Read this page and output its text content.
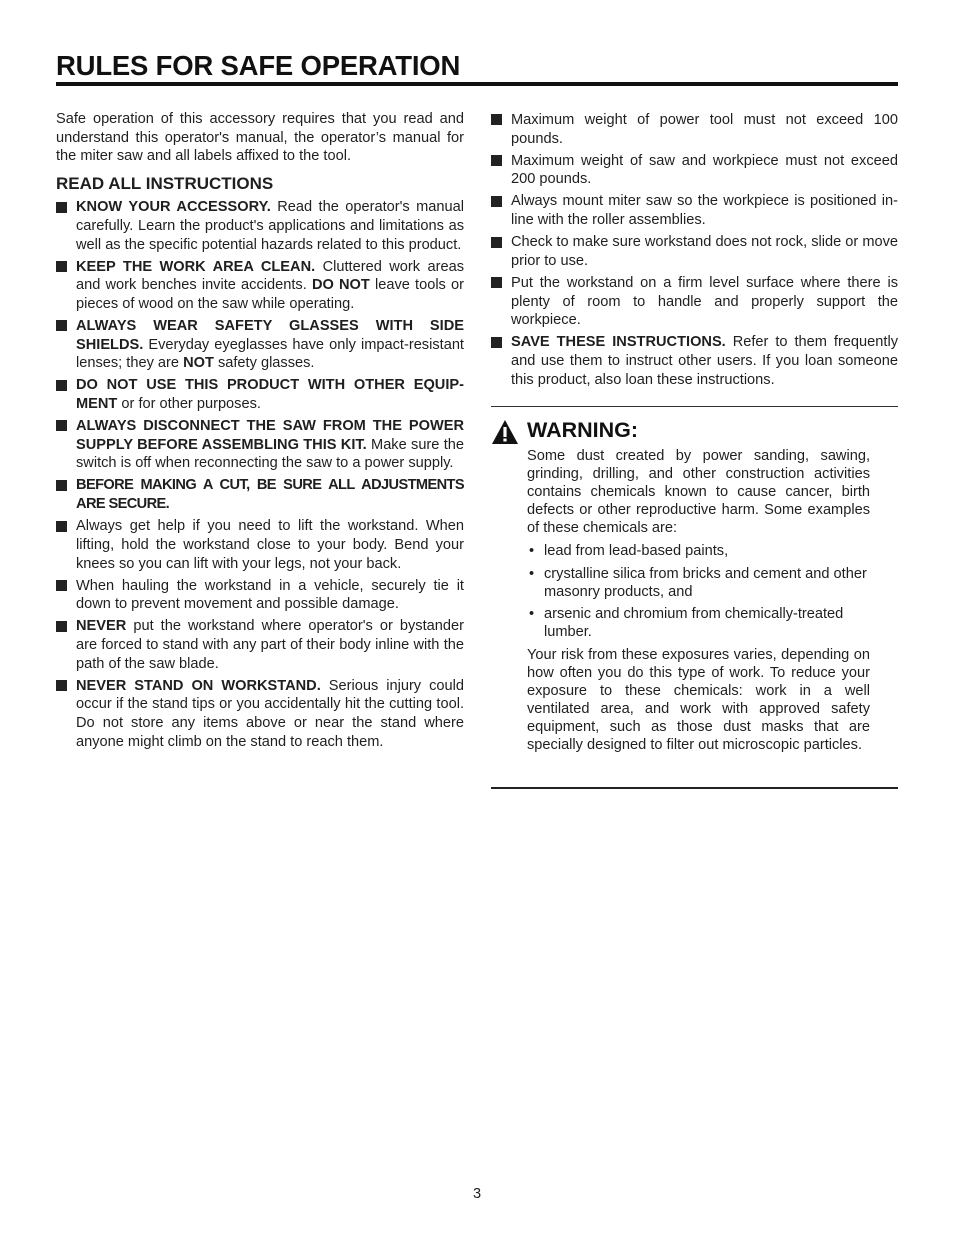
RULES FOR SAFE OPERATION

Safe operation of this accessory requires that you read and understand this operator's manual, the operator’s manual for the miter saw and all labels affixed to the tool.

READ ALL INSTRUCTIONS
KNOW YOUR ACCESSORY. Read the operator's manual carefully. Learn the product's applications and limitations as well as the specific potential hazards related to this product.
KEEP THE WORK AREA CLEAN. Cluttered work areas and work benches invite accidents. DO NOT leave tools or pieces of wood on the saw while operating.
ALWAYS WEAR SAFETY GLASSES WITH SIDE SHIELDS. Everyday eyeglasses have only impact-resistant lenses; they are NOT safety glasses.
DO NOT USE THIS PRODUCT WITH OTHER EQUIP-MENT or for other purposes.
ALWAYS DISCONNECT THE SAW FROM THE POWER SUPPLY BEFORE ASSEMBLING THIS KIT. Make sure the switch is off when reconnecting the saw to a power supply.
BEFORE MAKING A CUT, BE SURE ALL ADJUSTMENTS ARE SECURE.
Always get help if you need to lift the workstand. When lifting, hold the workstand close to your body. Bend your knees so you can lift with your legs, not your back.
When hauling the workstand in a vehicle, securely tie it down to prevent movement and possible damage.
NEVER put the workstand where operator's or bystander are forced to stand with any part of their body inline with the path of the saw blade.
NEVER STAND ON WORKSTAND. Serious injury could occur if the stand tips or you accidentally hit the cutting tool. Do not store any items above or near the stand where anyone might climb on the stand to reach them.
Maximum weight of power tool must not exceed 100 pounds.
Maximum weight of saw and workpiece must not exceed 200 pounds.
Always mount miter saw so the workpiece is positioned in-line with the roller assemblies.
Check to make sure workstand does not rock, slide or move prior to use.
Put the workstand on a firm level surface where there is plenty of room to handle and properly support the workpiece.
SAVE THESE INSTRUCTIONS. Refer to them frequently and use them to instruct other users. If you loan someone this product, also loan these instructions.
WARNING:

Some dust created by power sanding, sawing, grinding, drilling, and other construction activities contains chemicals known to cause cancer, birth defects or other reproductive harm. Some examples of these chemicals are:

• lead from lead-based paints,
• crystalline silica from bricks and cement and other masonry products, and
• arsenic and chromium from chemically-treated lumber.

Your risk from these exposures varies, depending on how often you do this type of work. To reduce your exposure to these chemicals: work in a well ventilated area, and work with approved safety equipment, such as those dust masks that are specially designed to filter out microscopic particles.

3
